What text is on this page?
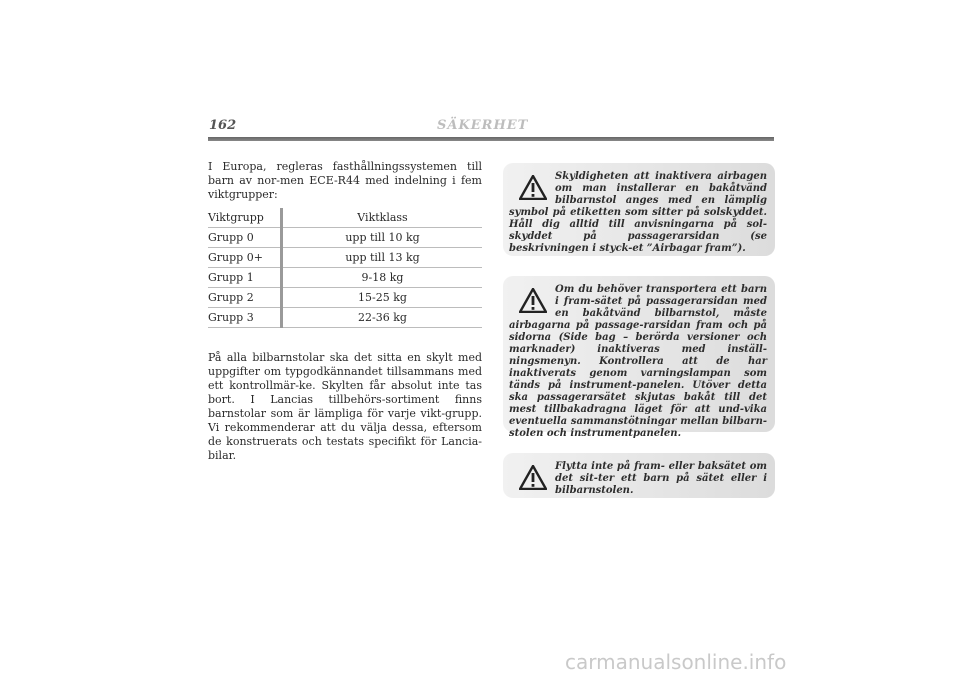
162	SÄKERHET

I Europa, regleras fasthållningssystemen till barn av nor-men ECE-R44 med indelning i fem viktgrupper:

Viktgrupp		Viktklass
Grupp 0		upp till 10 kg
Grupp 0+		upp till 13 kg
Grupp 1		9-18 kg
Grupp 2		15-25 kg
Grupp 3		22-36 kg

På alla bilbarnstolar ska det sitta en skylt med uppgifter om typgodkännandet tillsammans med ett kontrollmär-ke. Skylten får absolut inte tas bort. I Lancias tillbehörs-sortiment finns barnstolar som är lämpliga för varje vikt-grupp. Vi rekommenderar att du välja dessa, eftersom de konstruerats och testats specifikt för Lancia-bilar.

Skyldigheten att inaktivera airbagen om man installerar en bakåtvänd bilbarnstol anges med en lämplig symbol på etiketten som sitter på solskyddet. Håll dig alltid till anvisningarna på sol-skyddet på passagerarsidan (se beskrivningen i styck-et ”Airbagar fram”).
Om du behöver transportera ett barn i fram-sätet på passagerarsidan med en bakåtvänd bilbarnstol, måste airbagarna på passage-rarsidan fram och på sidorna (Side bag – berörda versioner och marknader) inaktiveras med inställ-ningsmenyn. Kontrollera att de har inaktiverats genom varningslampan som tänds på instrument-panelen. Utöver detta ska passagerarsätet skjutas bakåt till det mest tillbakadragna läget för att und-vika eventuella sammanstötningar mellan bilbarn-stolen och instrumentpanelen.
Flytta inte på fram- eller baksätet om det sit-ter ett barn på sätet eller i bilbarnstolen.
carmanualsonline.info
